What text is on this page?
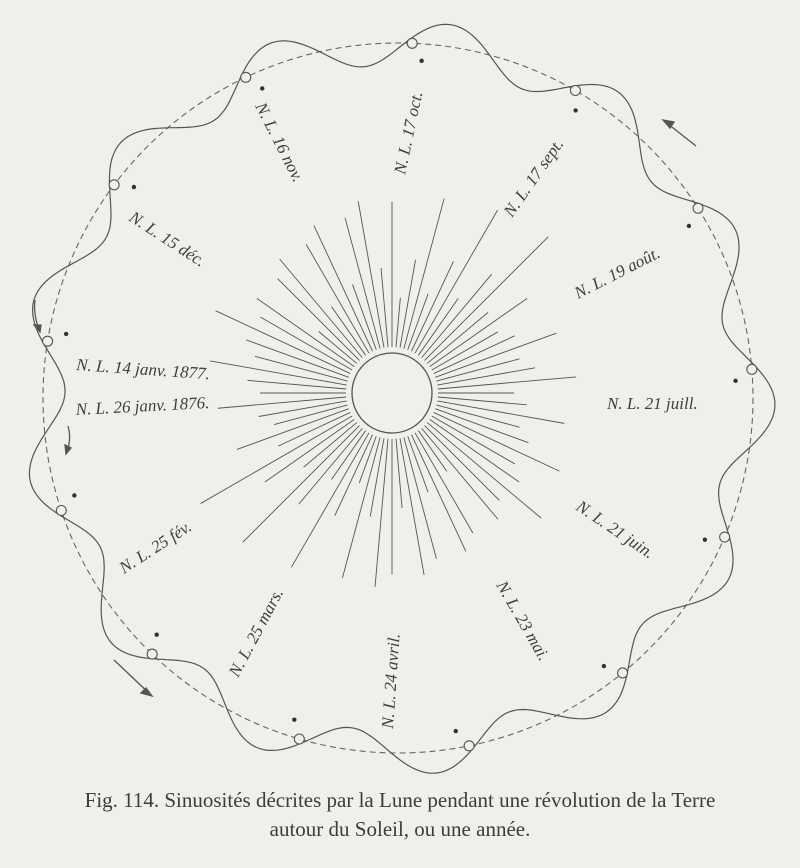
N. L. 17 oct.
N. L. 17 sept.
N. L. 19 août.
N. L. 21 juill.
N. L. 21 juin.
N. L. 23 mai.
N. L. 24 avril.
N. L. 25 mars.
N. L. 25 fév.
N. L. 26 janv. 1876.
N. L. 14 janv. 1877.
N. L. 15 déc.
N. L. 16 nov.
Fig. 114. Sinuosités décrites par la Lune pendant une révolution de la Terre
autour du Soleil, ou une année.
